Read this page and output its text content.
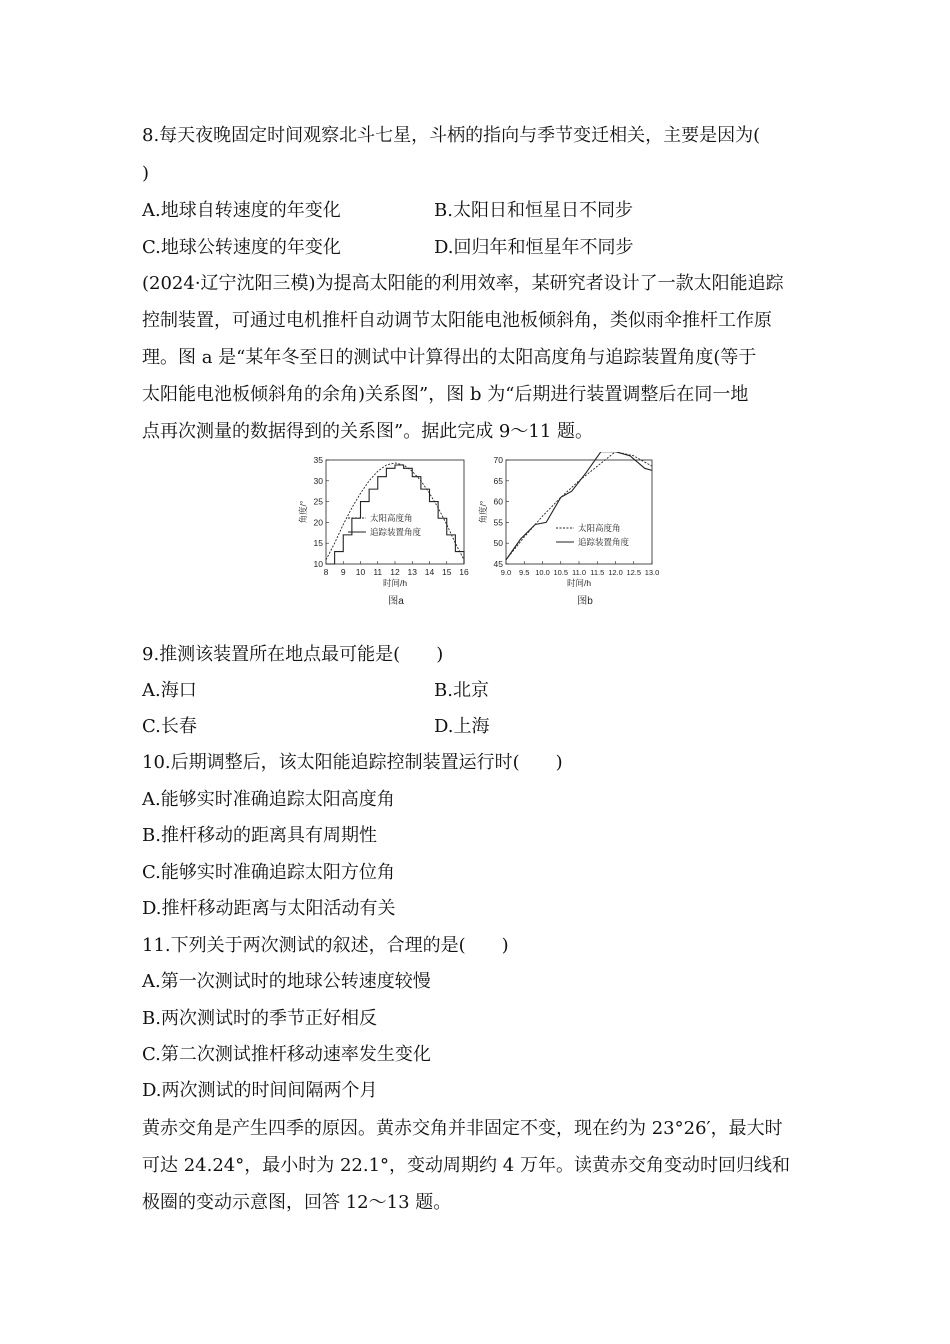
8.每天夜晚固定时间观察北斗七星，斗柄的指向与季节变迁相关，主要是因为(
)
A.地球自转速度的年变化	B.太阳日和恒星日不同步
C.地球公转速度的年变化	D.回归年和恒星年不同步
(2024·辽宁沈阳三模)为提高太阳能的利用效率，某研究者设计了一款太阳能追踪
控制装置，可通过电机推杆自动调节太阳能电池板倾斜角，类似雨伞推杆工作原
理。图 a 是“某年冬至日的测试中计算得出的太阳高度角与追踪装置角度(等于
太阳能电池板倾斜角的余角)关系图”，图 b 为“后期进行装置调整后在同一地
点再次测量的数据得到的关系图”。据此完成 9～11 题。
10
15
20
25
30
35
8 9 10 11 12 13 14 15 16
时间/h
角度/°
图a
太阳高度角
追踪装置角度
45
50
55
60
65
70
9.0 9.5 10.0 10.5 11.0 11.5 12.0 12.5 13.0
时间/h
角度/°
图b
太阳高度角
追踪装置角度
9.推测该装置所在地点最可能是(　　)
A.海口	B.北京
C.长春	D.上海
10.后期调整后，该太阳能追踪控制装置运行时(　　)
A.能够实时准确追踪太阳高度角
B.推杆移动的距离具有周期性
C.能够实时准确追踪太阳方位角
D.推杆移动距离与太阳活动有关
11.下列关于两次测试的叙述，合理的是(　　)
A.第一次测试时的地球公转速度较慢
B.两次测试时的季节正好相反
C.第二次测试推杆移动速率发生变化
D.两次测试的时间间隔两个月
黄赤交角是产生四季的原因。黄赤交角并非固定不变，现在约为 23°26′，最大时
可达 24.24°，最小时为 22.1°，变动周期约 4 万年。读黄赤交角变动时回归线和
极圈的变动示意图，回答 12～13 题。
